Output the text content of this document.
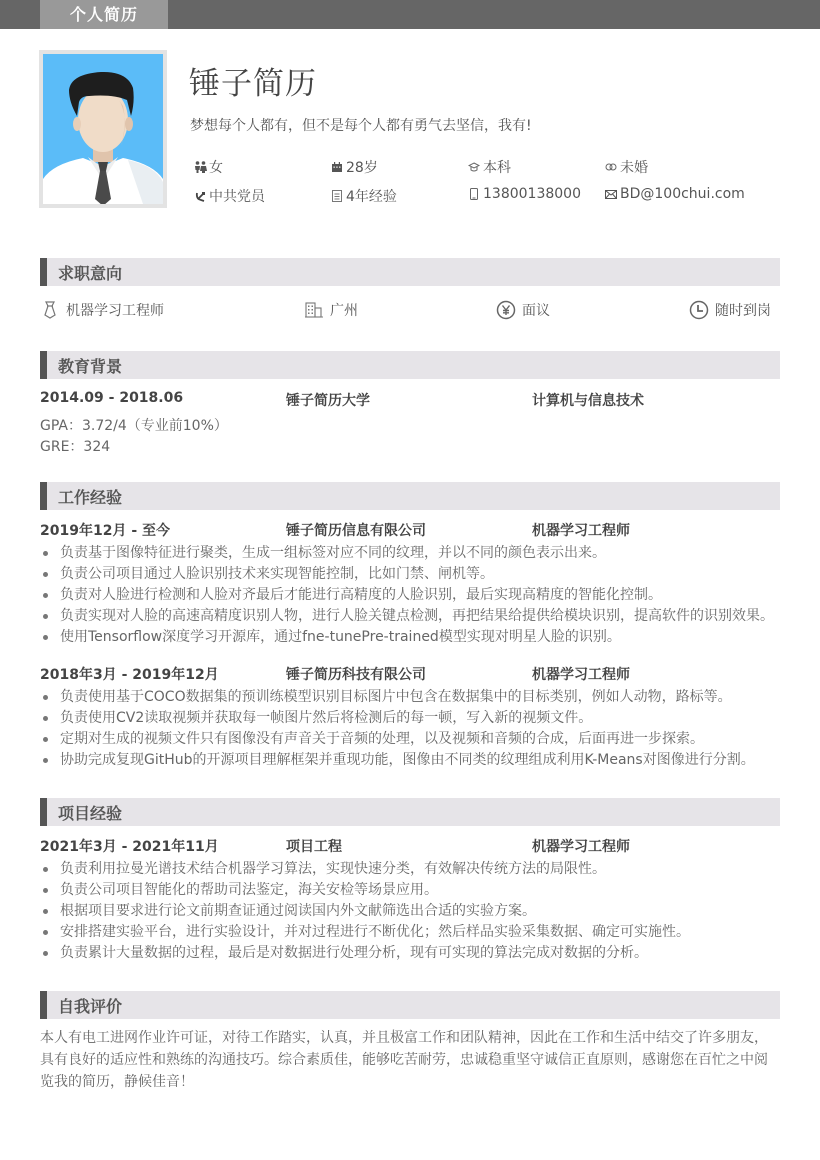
个人简历
锤子简历
梦想每个人都有，但不是每个人都有勇气去坚信，我有!
女	28岁	本科	未婚
中共党员	4年经验	13800138000	BD@100chui.com
求职意向
机器学习工程师	广州	面议	随时到岗
教育背景
2014.09 - 2018.06	锤子简历大学	计算机与信息技术
GPA：3.72/4（专业前10%）
GRE：324
工作经验
2019年12月 - 至今	锤子简历信息有限公司	机器学习工程师
负责基于图像特征进行聚类，生成一组标签对应不同的纹理，并以不同的颜色表示出来。
负责公司项目通过人脸识别技术来实现智能控制，比如门禁、闸机等。
负责对人脸进行检测和人脸对齐最后才能进行高精度的人脸识别，最后实现高精度的智能化控制。
负责实现对人脸的高速高精度识别人物，进行人脸关键点检测，再把结果给提供给模块识别，提高软件的识别效果。
使用Tensorflow深度学习开源库，通过fne-tunePre-trained模型实现对明星人脸的识别。
2018年3月 - 2019年12月	锤子简历科技有限公司	机器学习工程师
负责使用基于COCO数据集的预训练模型识别目标图片中包含在数据集中的目标类别，例如人动物，路标等。
负责使用CV2读取视频并获取每一帧图片然后将检测后的每一顿，写入新的视频文件。
定期对生成的视频文件只有图像没有声音关于音频的处理，以及视频和音频的合成，后面再进一步探索。
协助完成复现GitHub的开源项目理解框架并重现功能，图像由不同类的纹理组成利用K-Means对图像进行分割。
项目经验
2021年3月 - 2021年11月	项目工程	机器学习工程师
负责利用拉曼光谱技术结合机器学习算法，实现快速分类，有效解决传统方法的局限性。
负责公司项目智能化的帮助司法鉴定，海关安检等场景应用。
根据项目要求进行论文前期查证通过阅读国内外文献筛选出合适的实验方案。
安排搭建实验平台，进行实验设计，并对过程进行不断优化；然后样品实验采集数据、确定可实施性。
负责累计大量数据的过程，最后是对数据进行处理分析，现有可实现的算法完成对数据的分析。
自我评价
本人有电工进网作业许可证，对待工作踏实，认真，并且极富工作和团队精神，因此在工作和生活中结交了许多朋友，具有良好的适应性和熟练的沟通技巧。综合素质佳，能够吃苦耐劳，忠诚稳重坚守诚信正直原则，感谢您在百忙之中阅览我的简历，静候佳音！
